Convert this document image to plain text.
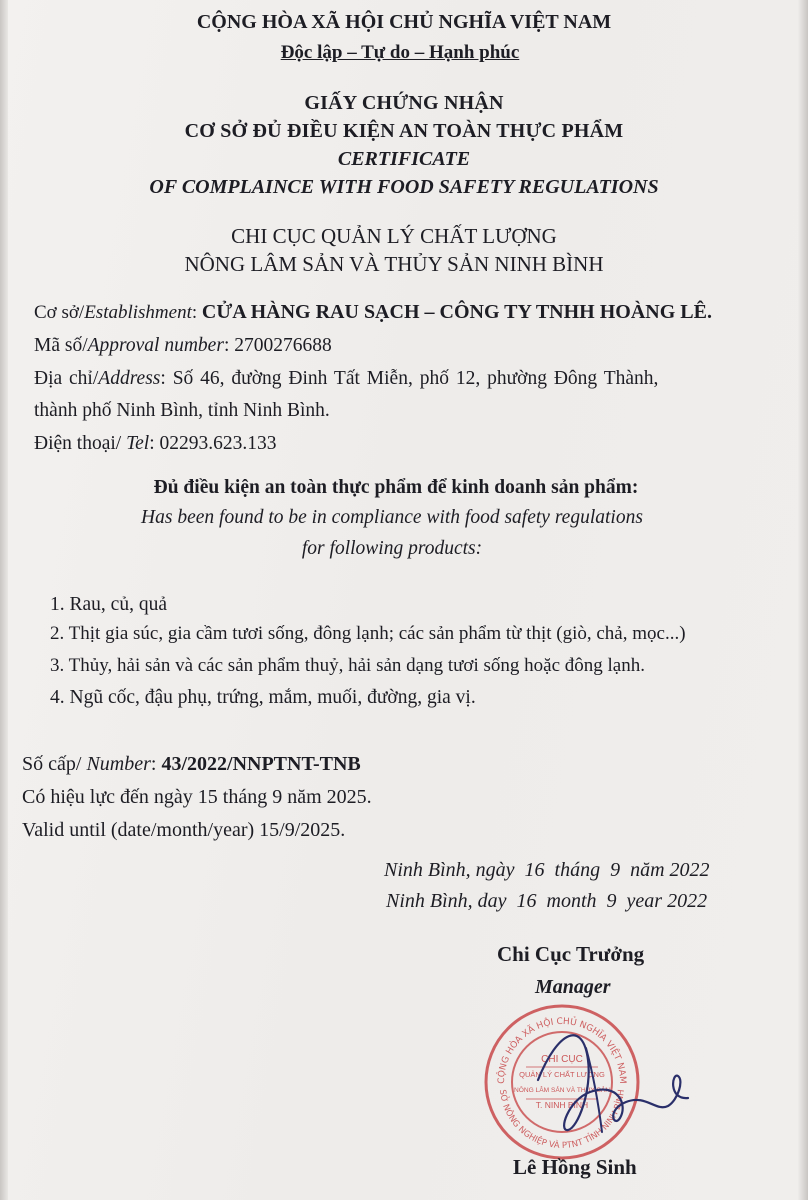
CỘNG HÒA XÃ HỘI CHỦ NGHĨA VIỆT NAM
Độc lập – Tự do – Hạnh phúc
GIẤY CHỨNG NHẬN
CƠ SỞ ĐỦ ĐIỀU KIỆN AN TOÀN THỰC PHẨM
CERTIFICATE
OF COMPLAINCE WITH FOOD SAFETY REGULATIONS
CHI CỤC QUẢN LÝ CHẤT LƯỢNG
NÔNG LÂM SẢN VÀ THỦY SẢN NINH BÌNH
Cơ sở/Establishment: CỬA HÀNG RAU SẠCH – CÔNG TY TNHH HOÀNG LÊ.
Mã số/Approval number: 2700276688
Địa chỉ/Address: Số 46, đường Đinh Tất Miễn, phố 12, phường Đông Thành,
thành phố Ninh Bình, tỉnh Ninh Bình.
Điện thoại/ Tel: 02293.623.133
Đủ điều kiện an toàn thực phẩm để kinh doanh sản phẩm:
Has been found to be in compliance with food safety regulations
for following products:
1. Rau, củ, quả
2. Thịt gia súc, gia cầm tươi sống, đông lạnh; các sản phẩm từ thịt (giò, chả, mọc...)
3. Thủy, hải sản và các sản phẩm thuỷ, hải sản dạng tươi sống hoặc đông lạnh.
4. Ngũ cốc, đậu phụ, trứng, mắm, muối, đường, gia vị.
Số cấp/ Number: 43/2022/NNPTNT-TNB
Có hiệu lực đến ngày 15 tháng 9 năm 2025.
Valid until (date/month/year) 15/9/2025.
Ninh Bình, ngày  16  tháng  9  năm 2022
Ninh Bình, day  16  month  9  year 2022
Chi Cục Trưởng
Manager
CỘNG HÒA XÃ HỘI CHỦ NGHĨA VIỆT NAM
SỞ NÔNG NGHIỆP VÀ PTNT TỈNH NINH BÌNH
CHI CỤC
QUẢN LÝ CHẤT LƯỢNG
NÔNG LÂM SẢN VÀ THỦY SẢN
T. NINH BÌNH
Lê Hồng Sinh
